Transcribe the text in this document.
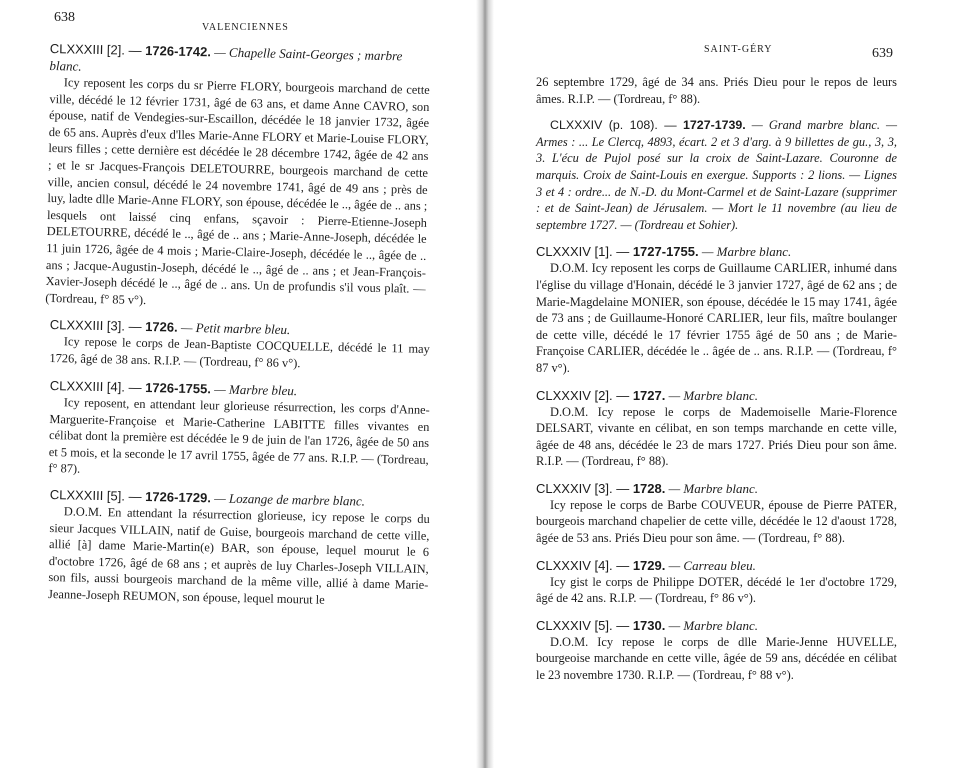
638
VALENCIENNES
CLXXXIII [2]. — 1726-1742. — Chapelle Saint-Georges ; marbre blanc.

Icy reposent les corps du sr Pierre FLORY, bourgeois marchand de cette ville, décédé le 12 février 1731, âgé de 63 ans, et dame Anne CAVRO, son épouse, natif de Vendegies-sur-Escaillon, décédée le 18 janvier 1732, âgée de 65 ans. Auprès d'eux d'lles Marie-Anne FLORY et Marie-Louise FLORY, leurs filles ; cette dernière est décédée le 28 décembre 1742, âgée de 42 ans ; et le sr Jacques-François DELETOURRE, bourgeois marchand de cette ville, ancien consul, décédé le 24 novembre 1741, âgé de 49 ans ; près de luy, ladte dlle Marie-Anne FLORY, son épouse, décédée le .., âgée de .. ans ; lesquels ont laissé cinq enfans, sçavoir : Pierre-Etienne-Joseph DELETOURRE, décédé le .., âgé de .. ans ; Marie-Anne-Joseph, décédée le 11 juin 1726, âgée de 4 mois ; Marie-Claire-Joseph, décédée le .., âgée de .. ans ; Jacque-Augustin-Joseph, décédé le .., âgé de .. ans ; et Jean-François-Xavier-Joseph décédé le .., âgé de .. ans. Un de profundis s'il vous plaît. — (Tordreau, f° 85 v°).

CLXXXIII [3]. — 1726. — Petit marbre bleu.

Icy repose le corps de Jean-Baptiste COCQUELLE, décédé le 11 may 1726, âgé de 38 ans. R.I.P. — (Tordreau, f° 86 v°).

CLXXXIII [4]. — 1726-1755. — Marbre bleu.

Icy reposent, en attendant leur glorieuse résurrection, les corps d'Anne-Marguerite-Françoise et Marie-Catherine LABITTE filles vivantes en célibat dont la première est décédée le 9 de juin de l'an 1726, âgée de 50 ans et 5 mois, et la seconde le 17 avril 1755, âgée de 77 ans. R.I.P. — (Tordreau, f° 87).

CLXXXIII [5]. — 1726-1729. — Lozange de marbre blanc.

D.O.M. En attendant la résurrection glorieuse, icy repose le corps du sieur Jacques VILLAIN, natif de Guise, bourgeois marchand de cette ville, allié [à] dame Marie-Martin(e) BAR, son épouse, lequel mourut le 6 d'octobre 1726, âgé de 68 ans ; et auprès de luy Charles-Joseph VILLAIN, son fils, aussi bourgeois marchand de la même ville, allié à dame Marie-Jeanne-Joseph REUMON, son épouse, lequel mourut le

SAINT-GÉRY	639

26 septembre 1729, âgé de 34 ans. Priés Dieu pour le repos de leurs âmes. R.I.P. — (Tordreau, f° 88).

CLXXXIV (p. 108). — 1727-1739. — Grand marbre blanc. — Armes : ... Le Clercq, 4893, écart. 2 et 3 d'arg. à 9 billettes de gu., 3, 3, 3. L'écu de Pujol posé sur la croix de Saint-Lazare. Couronne de marquis. Croix de Saint-Louis en exergue. Supports : 2 lions. — Lignes 3 et 4 : ordre... de N.-D. du Mont-Carmel et de Saint-Lazare (supprimer : et de Saint-Jean) de Jérusalem. — Mort le 11 novembre (au lieu de septembre 1727. — (Tordreau et Sohier).

CLXXXIV [1]. — 1727-1755. — Marbre blanc.

D.O.M. Icy reposent les corps de Guillaume CARLIER, inhumé dans l'église du village d'Honain, décédé le 3 janvier 1727, âgé de 62 ans ; de Marie-Magdelaine MONIER, son épouse, décédée le 15 may 1741, âgée de 73 ans ; de Guillaume-Honoré CARLIER, leur fils, maître boulanger de cette ville, décédé le 17 février 1755 âgé de 50 ans ; de Marie-Françoise CARLIER, décédée le .. âgée de .. ans. R.I.P. — (Tordreau, f° 87 v°).

CLXXXIV [2]. — 1727. — Marbre blanc.

D.O.M. Icy repose le corps de Mademoiselle Marie-Florence DELSART, vivante en célibat, en son temps marchande en cette ville, âgée de 48 ans, décédée le 23 de mars 1727. Priés Dieu pour son âme. R.I.P. — (Tordreau, f° 88).

CLXXXIV [3]. — 1728. — Marbre blanc.

Icy repose le corps de Barbe COUVEUR, épouse de Pierre PATER, bourgeois marchand chapelier de cette ville, décédée le 12 d'aoust 1728, âgée de 53 ans. Priés Dieu pour son âme. — (Tordreau, f° 88).

CLXXXIV [4]. — 1729. — Carreau bleu.

Icy gist le corps de Philippe DOTER, décédé le 1er d'octobre 1729, âgé de 42 ans. R.I.P. — (Tordreau, f° 86 v°).

CLXXXIV [5]. — 1730. — Marbre blanc.

D.O.M. Icy repose le corps de dlle Marie-Jenne HUVELLE, bourgeoise marchande en cette ville, âgée de 59 ans, décédée en célibat le 23 novembre 1730. R.I.P. — (Tordreau, f° 88 v°).
